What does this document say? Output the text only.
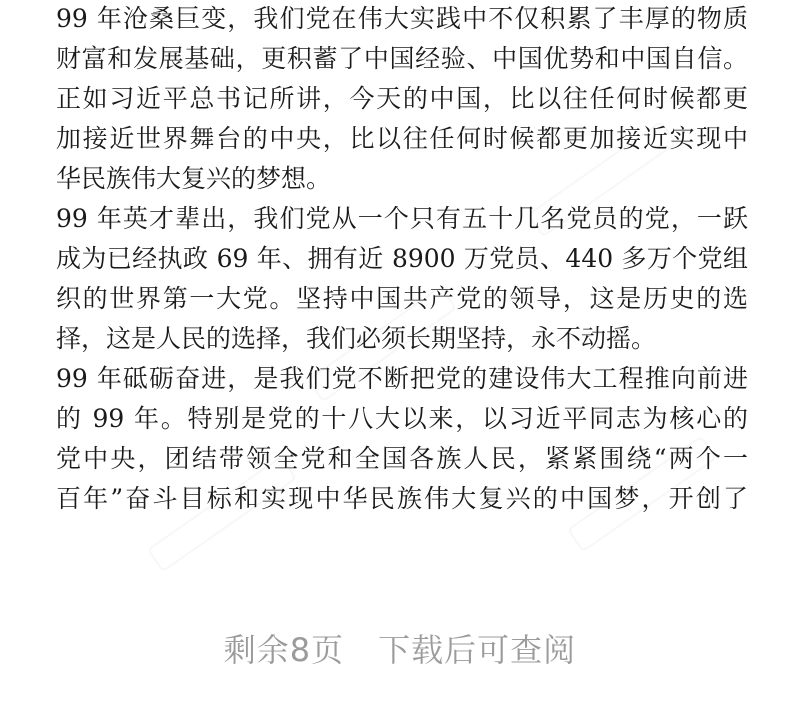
99 年沧桑巨变，我们党在伟大实践中不仅积累了丰厚的物质
财富和发展基础，更积蓄了中国经验、中国优势和中国自信。
正如习近平总书记所讲，今天的中国，比以往任何时候都更
加接近世界舞台的中央，比以往任何时候都更加接近实现中
华民族伟大复兴的梦想。
99 年英才辈出，我们党从一个只有五十几名党员的党，一跃
成为已经执政 69 年、拥有近 8900 万党员、440 多万个党组
织的世界第一大党。坚持中国共产党的领导，这是历史的选
择，这是人民的选择，我们必须长期坚持，永不动摇。
99 年砥砺奋进，是我们党不断把党的建设伟大工程推向前进
的 99 年。特别是党的十八大以来，以习近平同志为核心的
党中央，团结带领全党和全国各族人民，紧紧围绕“两个一
百年”奋斗目标和实现中华民族伟大复兴的中国梦，开创了
剩余8页 下载后可查阅
